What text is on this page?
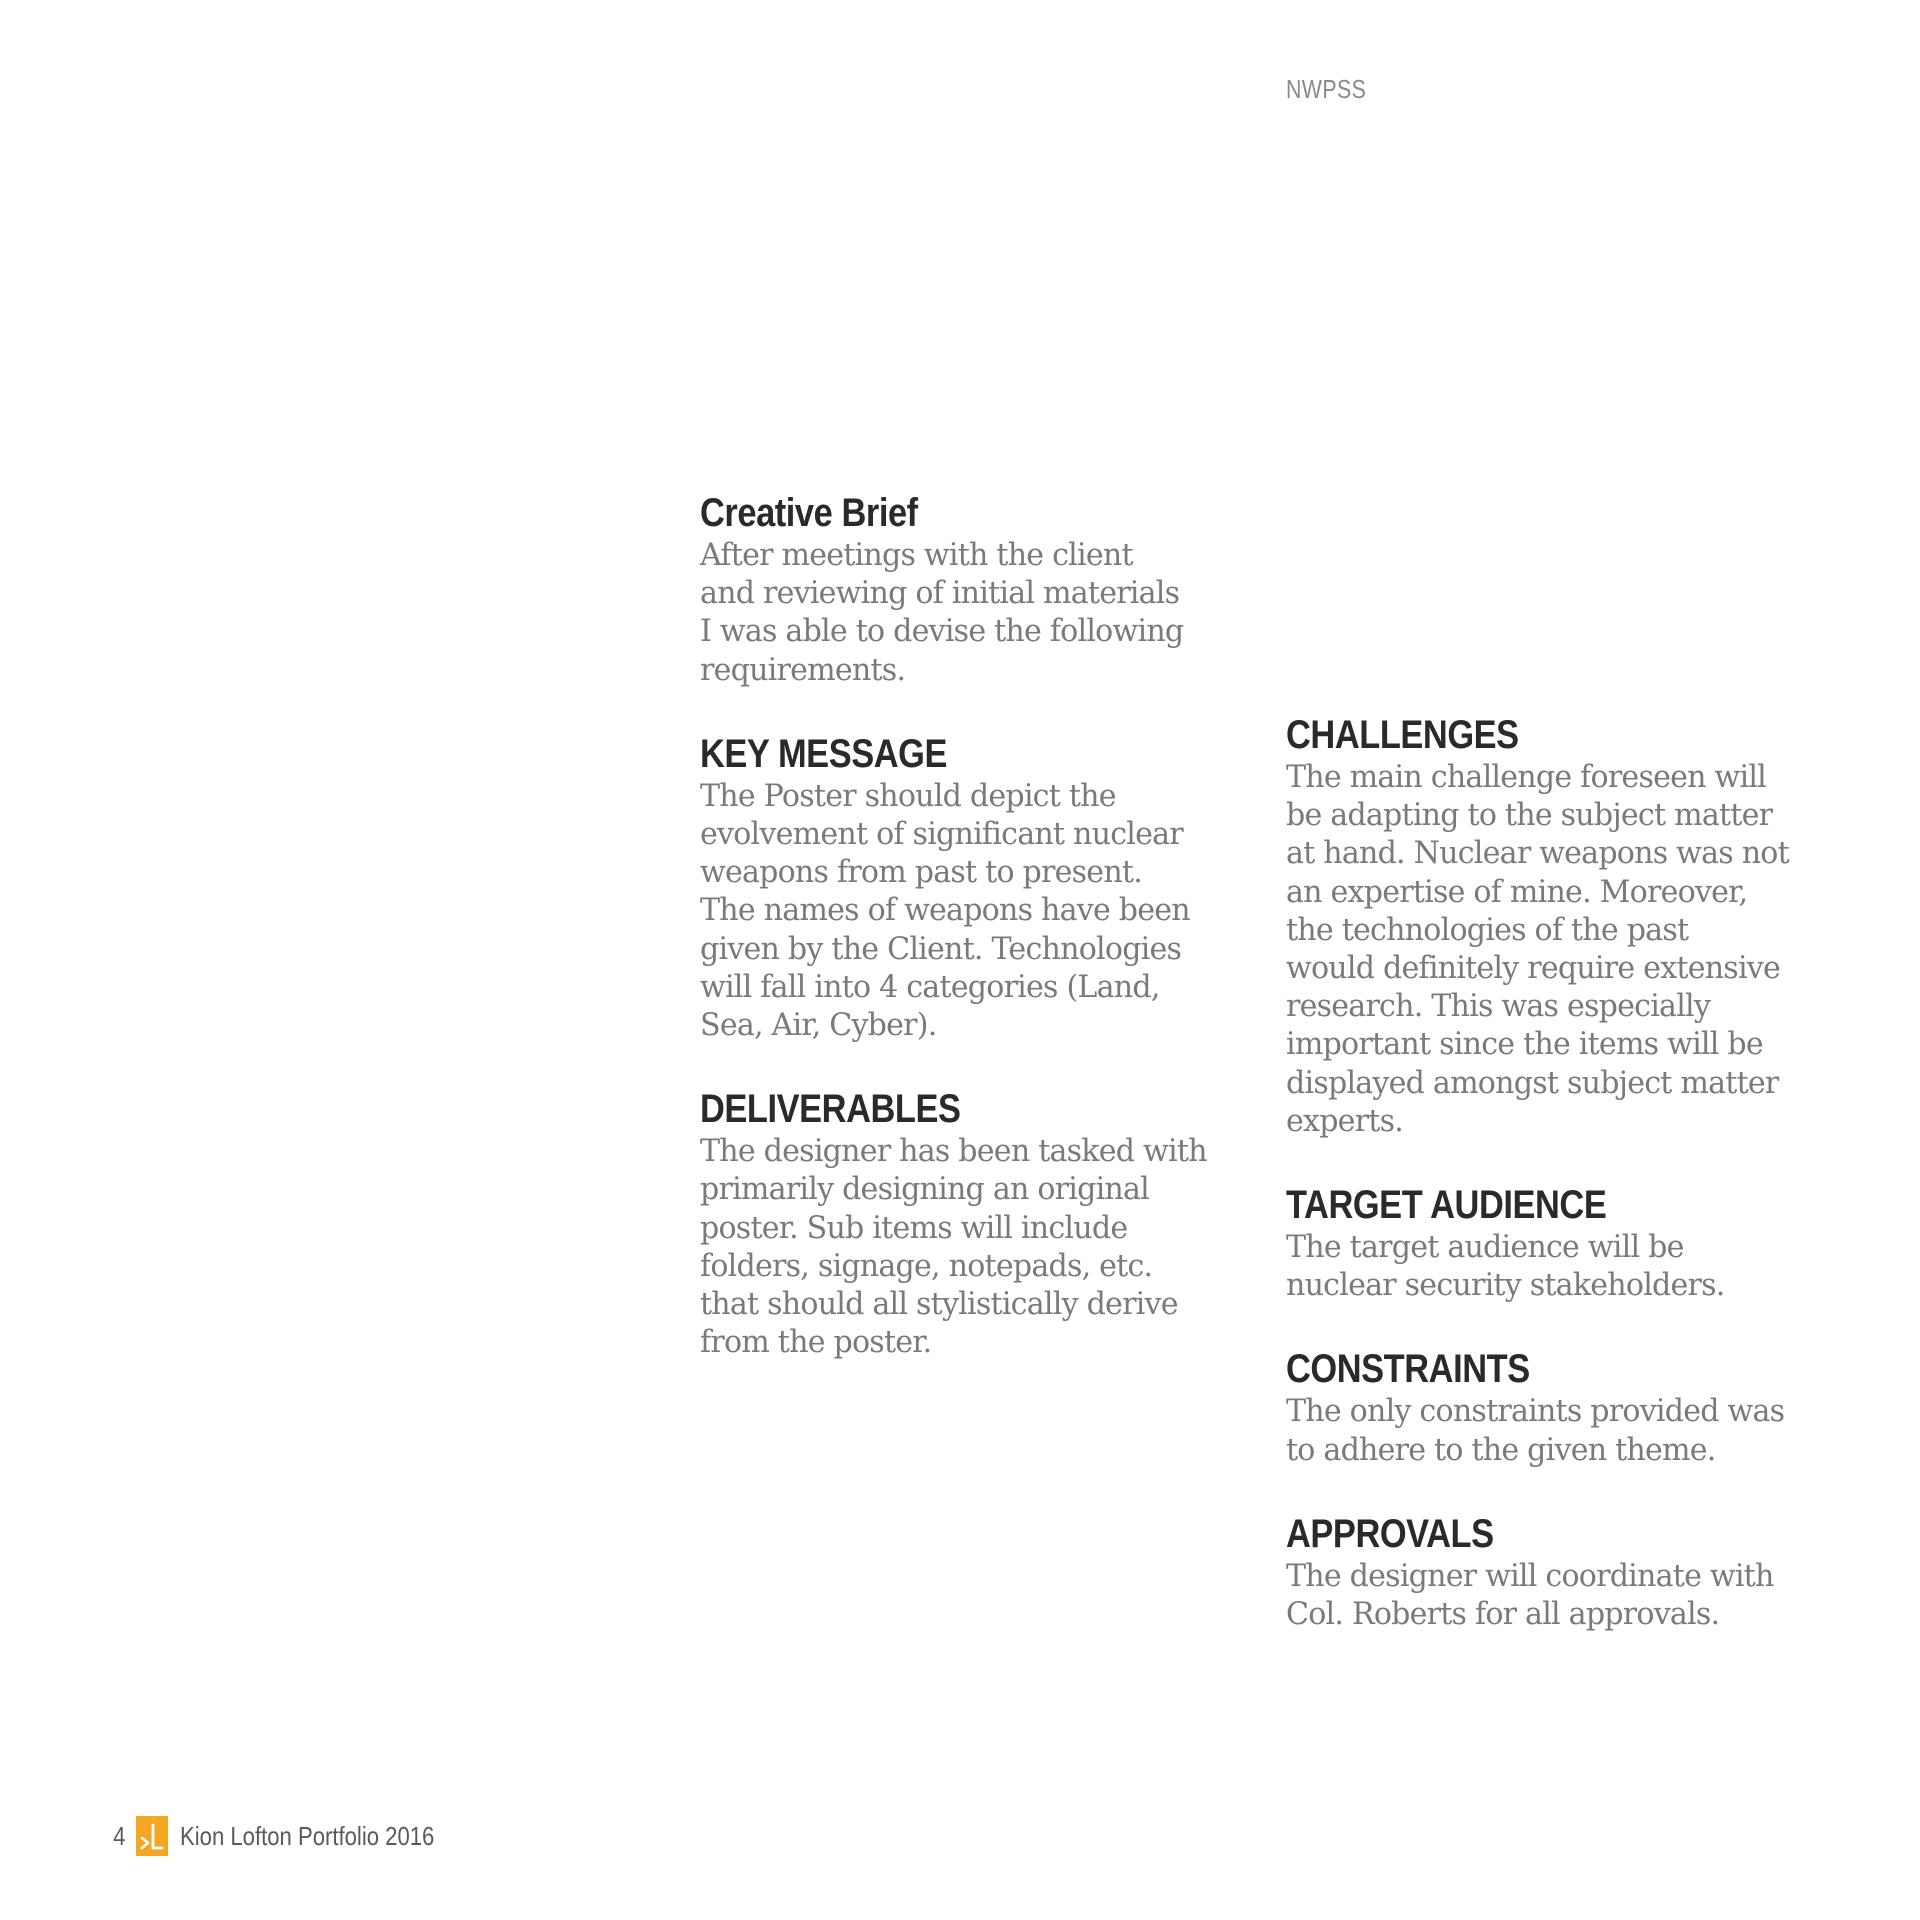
NWPSS
Creative Brief

After meetings with the client
and reviewing of initial materials
I was able to devise the following
requirements.

KEY MESSAGE

The Poster should depict the
evolvement of significant nuclear
weapons from past to present.
The names of weapons have been
given by the Client. Technologies
will fall into 4 categories (Land,
Sea, Air, Cyber).

DELIVERABLES

The designer has been tasked with
primarily designing an original
poster. Sub items will include
folders, signage, notepads, etc.
that should all stylistically derive
from the poster.

CHALLENGES

The main challenge foreseen will
be adapting to the subject matter
at hand. Nuclear weapons was not
an expertise of mine. Moreover,
the technologies of the past
would definitely require extensive
research. This was especially
important since the items will be
displayed amongst subject matter
experts.

TARGET AUDIENCE

The target audience will be
nuclear security stakeholders.

CONSTRAINTS

The only constraints provided was
to adhere to the given theme.

APPROVALS

The designer will coordinate with
Col. Roberts for all approvals.

4 Kion Lofton Portfolio 2016
